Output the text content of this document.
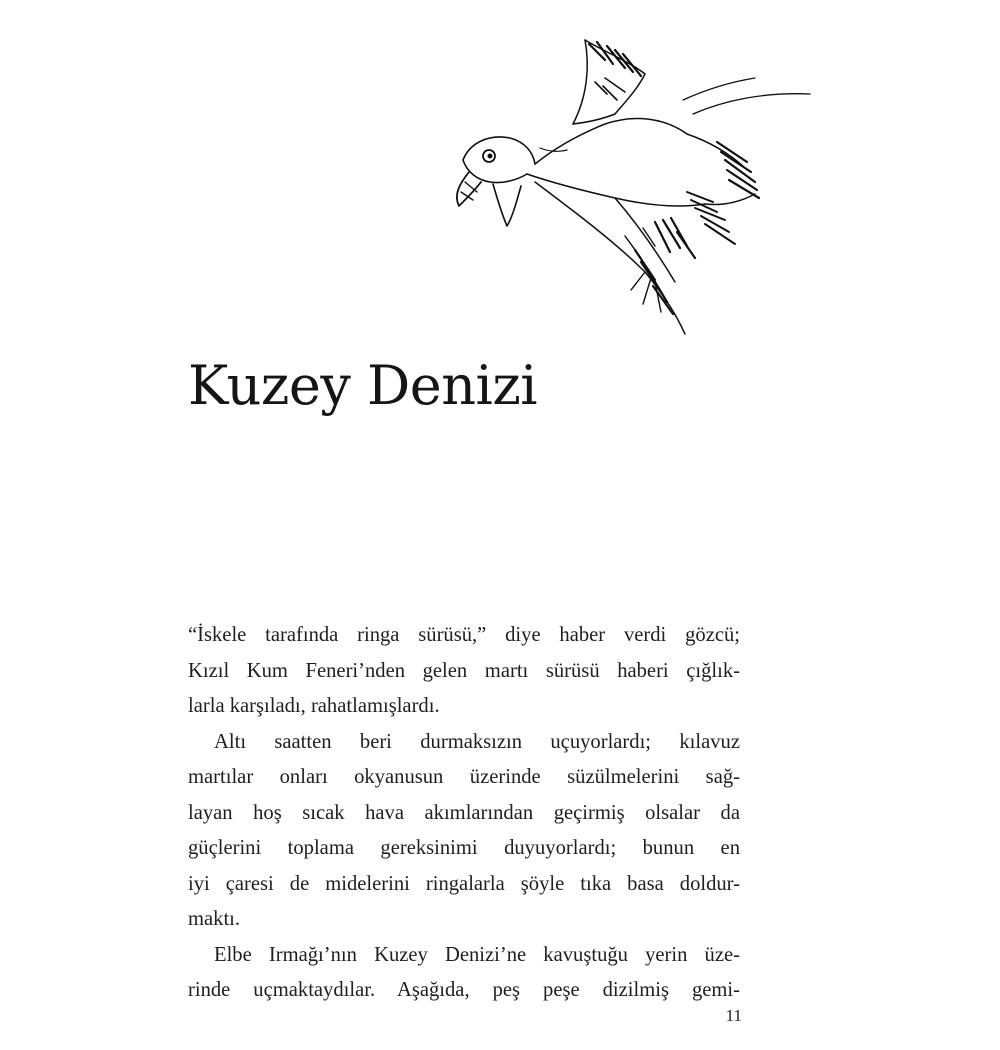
Kuzey Denizi

“İskele tarafında ringa sürüsü,” diye haber verdi gözcü;
Kızıl Kum Feneri’nden gelen martı sürüsü haberi çığlık-
larla karşıladı, rahatlamışlardı.

Altı saatten beri durmaksızın uçuyorlardı; kılavuz
martılar onları okyanusun üzerinde süzülmelerini sağ-
layan hoş sıcak hava akımlarından geçirmiş olsalar da
güçlerini toplama gereksinimi duyuyorlardı; bunun en
iyi çaresi de midelerini ringalarla şöyle tıka basa doldur-
maktı.

Elbe Irmağı’nın Kuzey Denizi’ne kavuştuğu yerin üze-
rinde uçmaktaydılar. Aşağıda, peş peşe dizilmiş gemi-

11
